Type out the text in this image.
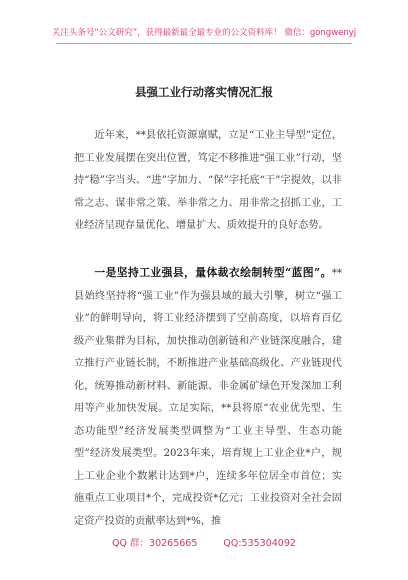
关注头条号“公文研究”，获得最新最全最专业的公文资料库！ 微信：gongwenyj
县强工业行动落实情况汇报
近年来，**县依托资源禀赋，立足“工业主导型”定位，把工业发展摆在突出位置，笃定不移推进“强工业”行动，坚持“稳”字当头、“进”字加力、“保”字托底“干”字提效，以非常之志、谋非常之策、举非常之力、用非常之招抓工业，工业经济呈现存量优化、增量扩大、质效提升的良好态势。
一是坚持工业强县，量体裁衣绘制转型“蓝图”。**县始终坚持将“强工业”作为强县域的最大引擎，树立“强工业”的鲜明导向，将工业经济摆到了空前高度，以培育百亿级产业集群为目标，加快推动创新链和产业链深度融合，建立推行产业链长制，不断推进产业基础高级化、产业链现代化，统筹推动新材料、新能源、非金属矿绿色开发深加工利用等产业加快发展。立足实际，**县将原“农业优先型、生态功能型”经济发展类型调整为“工业主导型、生态功能型”经济发展类型。2023年来，培育规上工业企业*户，规上工业企业个数累计达到*户，连续多年位居全市首位；实施重点工业项目*个，完成投资*亿元；工业投资对全社会固定资产投资的贡献率达到*%，推
QQ 群：30265665	QQ:535304092
